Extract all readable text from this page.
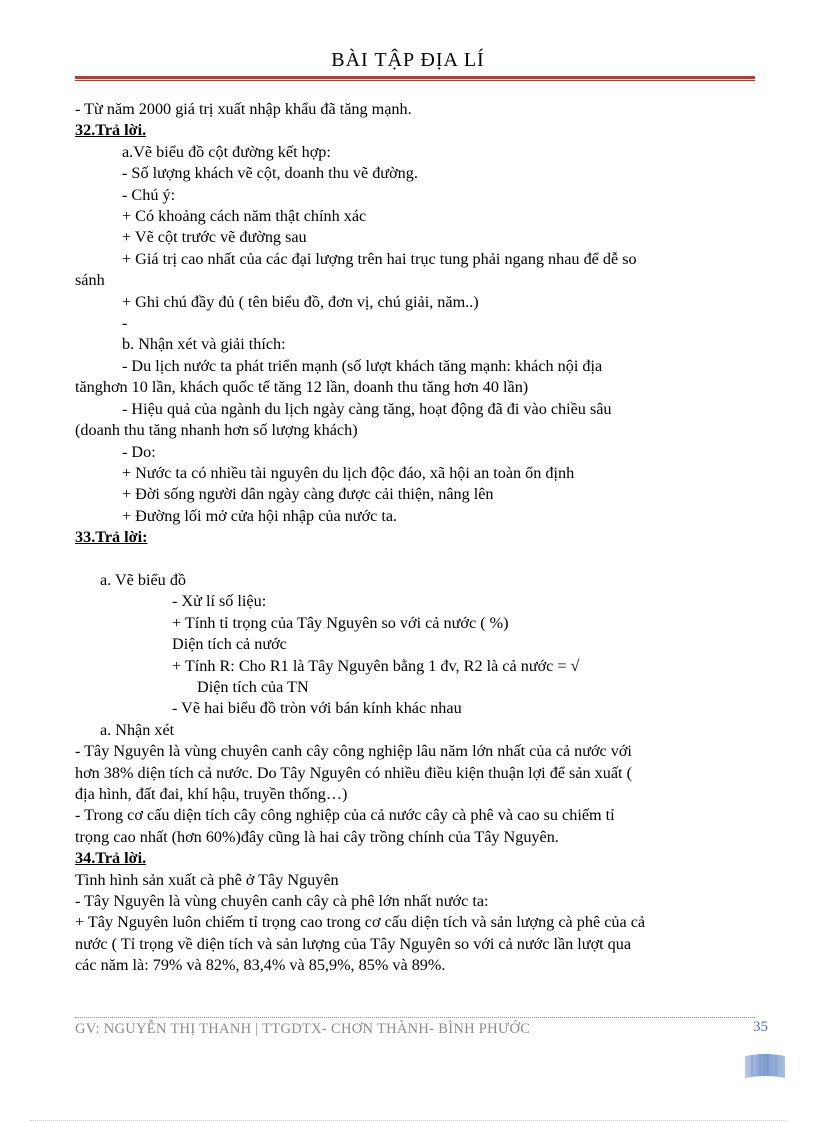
BÀI TẬP ĐỊA LÍ
- Từ năm 2000 giá trị xuất nhập khẩu đã tăng mạnh.
32.Trả lời.
a.Vẽ biểu đồ cột đường kết hợp:
- Số lượng khách vẽ cột, doanh thu vẽ đường.
- Chú ý:
+ Có khoảng cách năm thật chính xác
+ Vẽ cột trước vẽ đường sau
+ Giá trị cao nhất của các đại lượng trên hai trục tung phải ngang nhau để dễ so
sánh
+ Ghi chú đầy đủ ( tên biểu đồ, đơn vị, chú giải, năm..)
-
b. Nhận xét và giải thích:
- Du lịch nước ta phát triển mạnh (số lượt khách tăng mạnh: khách nội địa
tănghơn 10 lần, khách quốc tế tăng 12 lần, doanh thu tăng hơn 40 lần)
- Hiệu quả của ngành du lịch ngày càng tăng, hoạt động đã đi vào chiều sâu
(doanh thu tăng nhanh hơn số lượng khách)
- Do:
+ Nước ta có nhiều tài nguyên du lịch độc đáo, xã hội an toàn ổn định
+ Đời sống người dân ngày càng được cải thiện, nâng lên
+ Đường lối mở cửa hội nhập của nước ta.
33.Trả lời:
a. Vẽ biểu đồ
- Xử lí số liệu:
+ Tính tỉ trọng của Tây Nguyên so với cả nước ( %)
Diện tích cả nước
+ Tính R: Cho R1 là Tây Nguyên bằng 1 đv, R2 là cả nước = √
Diện tích của TN
- Vẽ hai biểu đồ tròn với bán kính khác nhau
a. Nhận xét
- Tây Nguyên là vùng chuyên canh cây công nghiệp lâu năm lớn nhất của cả nước với
hơn 38% diện tích cả nước. Do Tây Nguyên có nhiều điều kiện thuận lợi để sản xuất (
địa hình, đất đai, khí hậu, truyền thống…)
- Trong cơ cấu diện tích cây công nghiệp của cả nước cây cà phê và cao su chiếm tỉ
trọng cao nhất (hơn 60%)đây cũng là hai cây trồng chính của Tây Nguyên.
34.Trả lời.
Tình hình sản xuất cà phê ở Tây Nguyên
- Tây Nguyên là vùng chuyên canh cây cà phê lớn nhất nước ta:
+ Tây Nguyên luôn chiếm tỉ trọng cao trong cơ cấu diện tích và sản lượng cà phê của cả
nước ( Tỉ trọng về diện tích và sản lượng của Tây Nguyên so với cả nước lần lượt qua
các năm là: 79% và 82%, 83,4% và 85,9%, 85% và 89%.
GV: NGUYỄN THỊ THANH | TTGDTX- CHƠN THÀNH- BÌNH PHƯỚC	35
